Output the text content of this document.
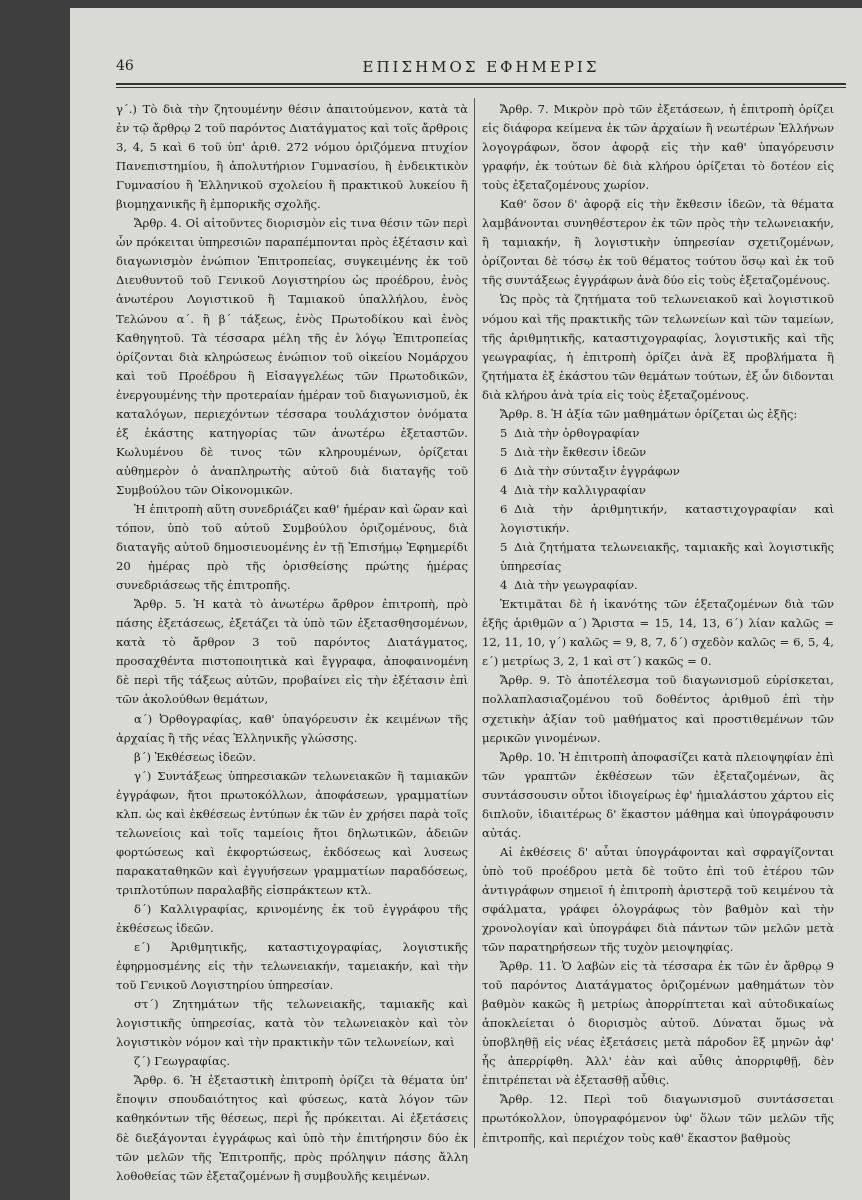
46	ΕΠΙΣΗΜΟΣ ΕΦΗΜΕΡΙΣ

γ΄.) Τὸ διὰ τὴν ζητουμένην θέσιν ἀπαιτούμενον, κατὰ τὰ ἐν τῷ ἄρθρῳ 2 τοῦ παρόντος Διατάγματος καὶ τοῖς ἄρθροις 3, 4, 5 καὶ 6 τοῦ ὑπ' ἀριθ. 272 νόμου ὁριζόμενα πτυχίον Πανεπιστημίου, ἢ ἀπολυτήριον Γυμνασίου, ἢ ἐνδεικτικὸν Γυμνασίου ἢ Ἑλληνικοῦ σχολείου ἢ πρακτικοῦ λυκείου ἢ βιομηχανικῆς ἢ ἐμπορικῆς σχολῆς.

Ἄρθρ. 4. Οἱ αἰτοῦντες διορισμὸν εἰς τινα θέσιν τῶν περὶ ὧν πρόκειται ὑπηρεσιῶν παραπέμπονται πρὸς ἐξέτασιν καὶ διαγωνισμὸν ἐνώπιον Ἐπιτροπείας, συγκειμένης ἐκ τοῦ Διευθυντοῦ τοῦ Γενικοῦ Λογιστηρίου ὡς προέδρου, ἑνὸς ἀνωτέρου Λογιστικοῦ ἢ Ταμιακοῦ ὑπαλλήλου, ἑνὸς Τελώνου α΄. ἢ β΄ τάξεως, ἑνὸς Πρωτοδίκου καὶ ἑνὸς Καθηγητοῦ. Τὰ τέσσαρα μέλη τῆς ἐν λόγῳ Ἐπιτροπείας ὁρίζονται διὰ κληρώσεως ἐνώπιον τοῦ οἰκείου Νομάρχου καὶ τοῦ Προέδρου ἢ Εἰσαγγελέως τῶν Πρωτοδικῶν, ἐνεργουμένης τὴν προτεραίαν ἡμέραν τοῦ διαγωνισμοῦ, ἐκ καταλόγων, περιεχόντων τέσσαρα τουλάχιστον ὀνόματα ἐξ ἑκάστης κατηγορίας τῶν ἀνωτέρω ἐξεταστῶν. Κωλυμένου δὲ τινος τῶν κληρουμένων, ὁρίζεται αὐθημερὸν ὁ ἀναπληρωτὴς αὐτοῦ διὰ διαταγῆς τοῦ Συμβούλου τῶν Οἰκονομικῶν.

Ἡ ἐπιτροπὴ αὕτη συνεδριάζει καθ' ἡμέραν καὶ ὥραν καὶ τόπον, ὑπὸ τοῦ αὐτοῦ Συμβούλου ὁριζομένους, διὰ διαταγῆς αὐτοῦ δημοσιευομένης ἐν τῇ Ἐπισήμῳ Ἐφημερίδι 20 ἡμέρας πρὸ τῆς ὁρισθείσης πρώτης ἡμέρας συνεδριάσεως τῆς ἐπιτροπῆς.

Ἄρθρ. 5. Ἡ κατὰ τὸ ἀνωτέρω ἄρθρον ἐπιτροπὴ, πρὸ πάσης ἐξετάσεως, ἐξετάζει τὰ ὑπὸ τῶν ἐξετασθησομένων, κατὰ τὸ ἄρθρον 3 τοῦ παρόντος Διατάγματος, προσαχθέντα πιστοποιητικὰ καὶ ἔγγραφα, ἀποφαινομένη δὲ περὶ τῆς τάξεως αὐτῶν, προβαίνει εἰς τὴν ἐξέτασιν ἐπὶ τῶν ἀκολούθων θεμάτων,

α΄) Ὀρθογραφίας, καθ' ὑπαγόρευσιν ἐκ κειμένων τῆς ἀρχαίας ἢ τῆς νέας Ἑλληνικῆς γλώσσης.

β΄) Ἐκθέσεως ἰδεῶν.

γ΄) Συντάξεως ὑπηρεσιακῶν τελωνειακῶν ἢ ταμιακῶν ἐγγράφων, ἤτοι πρωτοκόλλων, ἀποφάσεων, γραμματίων κλπ. ὡς καὶ ἐκθέσεως ἐντύπων ἐκ τῶν ἐν χρήσει παρὰ τοῖς τελωνείοις καὶ τοῖς ταμείοις ἤτοι δηλωτικῶν, ἀδειῶν φορτώσεως καὶ ἐκφορτώσεως, ἐκδόσεως καὶ λυσεως παρακαταθηκῶν καὶ ἐγγυήσεων γραμματίων παραδόσεως, τριπλοτύπων παραλαβῆς εἰσπράκτεων κτλ.

δ΄) Καλλιγραφίας, κρινομένης ἐκ τοῦ ἐγγράφου τῆς ἐκθέσεως ἰδεῶν.

ε΄) Ἀριθμητικῆς, καταστιχογραφίας, λογιστικῆς ἐφηρμοσμένης εἰς τὴν τελωνειακήν, ταμειακήν, καὶ τὴν τοῦ Γενικοῦ Λογιστηρίου ὑπηρεσίαν.

στ΄) Ζητημάτων τῆς τελωνειακῆς, ταμιακῆς καὶ λογιστικῆς ὑπηρεσίας, κατὰ τὸν τελωνειακὸν καὶ τὸν λογιστικὸν νόμον καὶ τὴν πρακτικὴν τῶν τελωνείων, καὶ

ζ΄) Γεωγραφίας.

Ἄρθρ. 6. Ἡ ἐξεταστικὴ ἐπιτροπὴ ὁρίζει τὰ θέματα ὑπ' ἔποψιν σπουδαιότητος καὶ φύσεως, κατὰ λόγον τῶν καθηκόντων τῆς θέσεως, περὶ ἧς πρόκειται. Αἱ ἐξετάσεις δὲ διεξάγονται ἐγγράφως καὶ ὑπὸ τὴν ἐπιτήρησιν δύο ἐκ τῶν μελῶν τῆς Ἐπιτροπῆς, πρὸς πρόληψιν πάσης ἄλλη λοθοθείας τῶν ἐξεταζομένων ἢ συμβουλῆς κειμένων.

Ἄρθρ. 7. Μικρὸν πρὸ τῶν ἐξετάσεων, ἡ ἐπιτροπὴ ὁρίζει εἰς διάφορα κείμενα ἐκ τῶν ἀρχαίων ἢ νεωτέρων Ἑλλήνων λογογράφων, ὅσον ἀφορᾷ εἰς τὴν καθ' ὑπαγόρευσιν γραφήν, ἐκ τούτων δὲ διὰ κλήρου ὁρίζεται τὸ δοτέον εἰς τοὺς ἐξεταζομένους χωρίον.

Καθ' ὅσον δ' ἀφορᾷ εἰς τὴν ἔκθεσιν ἰδεῶν, τὰ θέματα λαμβάνονται συνηθέστερον ἐκ τῶν πρὸς τὴν τελωνειακήν, ἢ ταμιακήν, ἢ λογιστικὴν ὑπηρεσίαν σχετιζομένων, ὁρίζονται δὲ τόσῳ ἐκ τοῦ θέματος τούτου ὅσῳ καὶ ἐκ τοῦ τῆς συντάξεως ἐγγράφων ἀνὰ δύο εἰς τοὺς ἐξεταζομένους.

Ὡς πρὸς τὰ ζητήματα τοῦ τελωνειακοῦ καὶ λογιστικοῦ νόμου καὶ τῆς πρακτικῆς τῶν τελωνείων καὶ τῶν ταμείων, τῆς ἀριθμητικῆς, καταστιχογραφίας, λογιστικῆς καὶ τῆς γεωγραφίας, ἡ ἐπιτροπὴ ὁρίζει ἀνὰ ἓξ προβλήματα ἢ ζητήματα ἐξ ἑκάστου τῶν θεμάτων τούτων, ἐξ ὧν διδονται διὰ κλήρου ἀνὰ τρία εἰς τοὺς ἐξεταζομένους.

Ἄρθρ. 8. Ἡ ἀξία τῶν μαθημάτων ὁρίζεται ὡς ἑξῆς:

5 Διὰ τὴν ὀρθογραφίαν
5 Διὰ τὴν ἔκθεσιν ἰδεῶν
6 Διὰ τὴν σύνταξιν ἐγγράφων
4 Διὰ τὴν καλλιγραφίαν
6 Διὰ τὴν ἀριθμητικήν, καταστιχογραφίαν καὶ λογιστικήν.
5 Διὰ ζητήματα τελωνειακῆς, ταμιακῆς καὶ λογιστικῆς ὑπηρεσίας
4 Διὰ τὴν γεωγραφίαν.

Ἐκτιμᾶται δὲ ἡ ἱκανότης τῶν ἐξεταζομένων διὰ τῶν ἑξῆς ἀριθμῶν α΄) Ἄριστα = 15, 14, 13, 6΄) λίαν καλῶς = 12, 11, 10, γ΄) καλῶς = 9, 8, 7, δ΄) σχεδὸν καλῶς = 6, 5, 4, ε΄) μετρίως 3, 2, 1 καὶ στ΄) κακῶς = 0.

Ἄρθρ. 9. Τὸ ἀποτέλεσμα τοῦ διαγωνισμοῦ εὑρίσκεται, πολλαπλασιαζομένου τοῦ δοθέντος ἀριθμοῦ ἐπὶ τὴν σχετικὴν ἀξίαν τοῦ μαθήματος καὶ προστιθεμένων τῶν μερικῶν γινομένων.

Ἄρθρ. 10. Ἡ ἐπιτροπὴ ἀποφασίζει κατὰ πλειοψηφίαν ἐπὶ τῶν γραπτῶν ἐκθέσεων τῶν ἐξεταζομένων, ἃς συντάσσουσιν οὗτοι ἰδιογείρως ἐφ' ἡμιαλάστου χάρτου εἰς διπλοῦν, ἰδιαιτέρως δ' ἕκαστον μάθημα καὶ ὑπογράφουσιν αὐτάς.

Αἱ ἐκθέσεις δ' αὗται ὑπογράφονται καὶ σφραγίζονται ὑπὸ τοῦ προέδρου μετὰ δὲ τοῦτο ἐπὶ τοῦ ἑτέρου τῶν ἀντιγράφων σημειοῖ ἡ ἐπιτροπὴ ἀριστερᾷ τοῦ κειμένου τὰ σφάλματα, γράφει ὁλογράφως τὸν βαθμὸν καὶ τὴν χρονολογίαν καὶ ὑπογράφει διὰ πάντων τῶν μελῶν μετὰ τῶν παρατηρήσεων τῆς τυχὸν μειοψηφίας.

Ἄρθρ. 11. Ὁ λαβὼν εἰς τὰ τέσσαρα ἐκ τῶν ἐν ἄρθρῳ 9 τοῦ παρόντος Διατάγματος ὁριζομένων μαθημάτων τὸν βαθμὸν κακῶς ἢ μετρίως ἀπορρίπτεται καὶ αὐτοδικαίως ἀποκλείεται ὁ διορισμὸς αὐτοῦ. Δύναται ὅμως νὰ ὑποβληθῇ εἰς νέας ἐξετάσεις μετὰ πάροδον ἓξ μηνῶν ἀφ' ἧς ἀπερρίφθη. Ἀλλ' ἐὰν καὶ αὖθις ἀπορριφθῇ, δὲν ἐπιτρέπεται νὰ ἐξετασθῇ αὖθις.

Ἄρθρ. 12. Περὶ τοῦ διαγωνισμοῦ συντάσσεται πρωτόκολλον, ὑπογραφόμενον ὑφ' ὅλων τῶν μελῶν τῆς ἐπιτροπῆς, καὶ περιέχον τοὺς καθ' ἕκαστον βαθμοὺς
